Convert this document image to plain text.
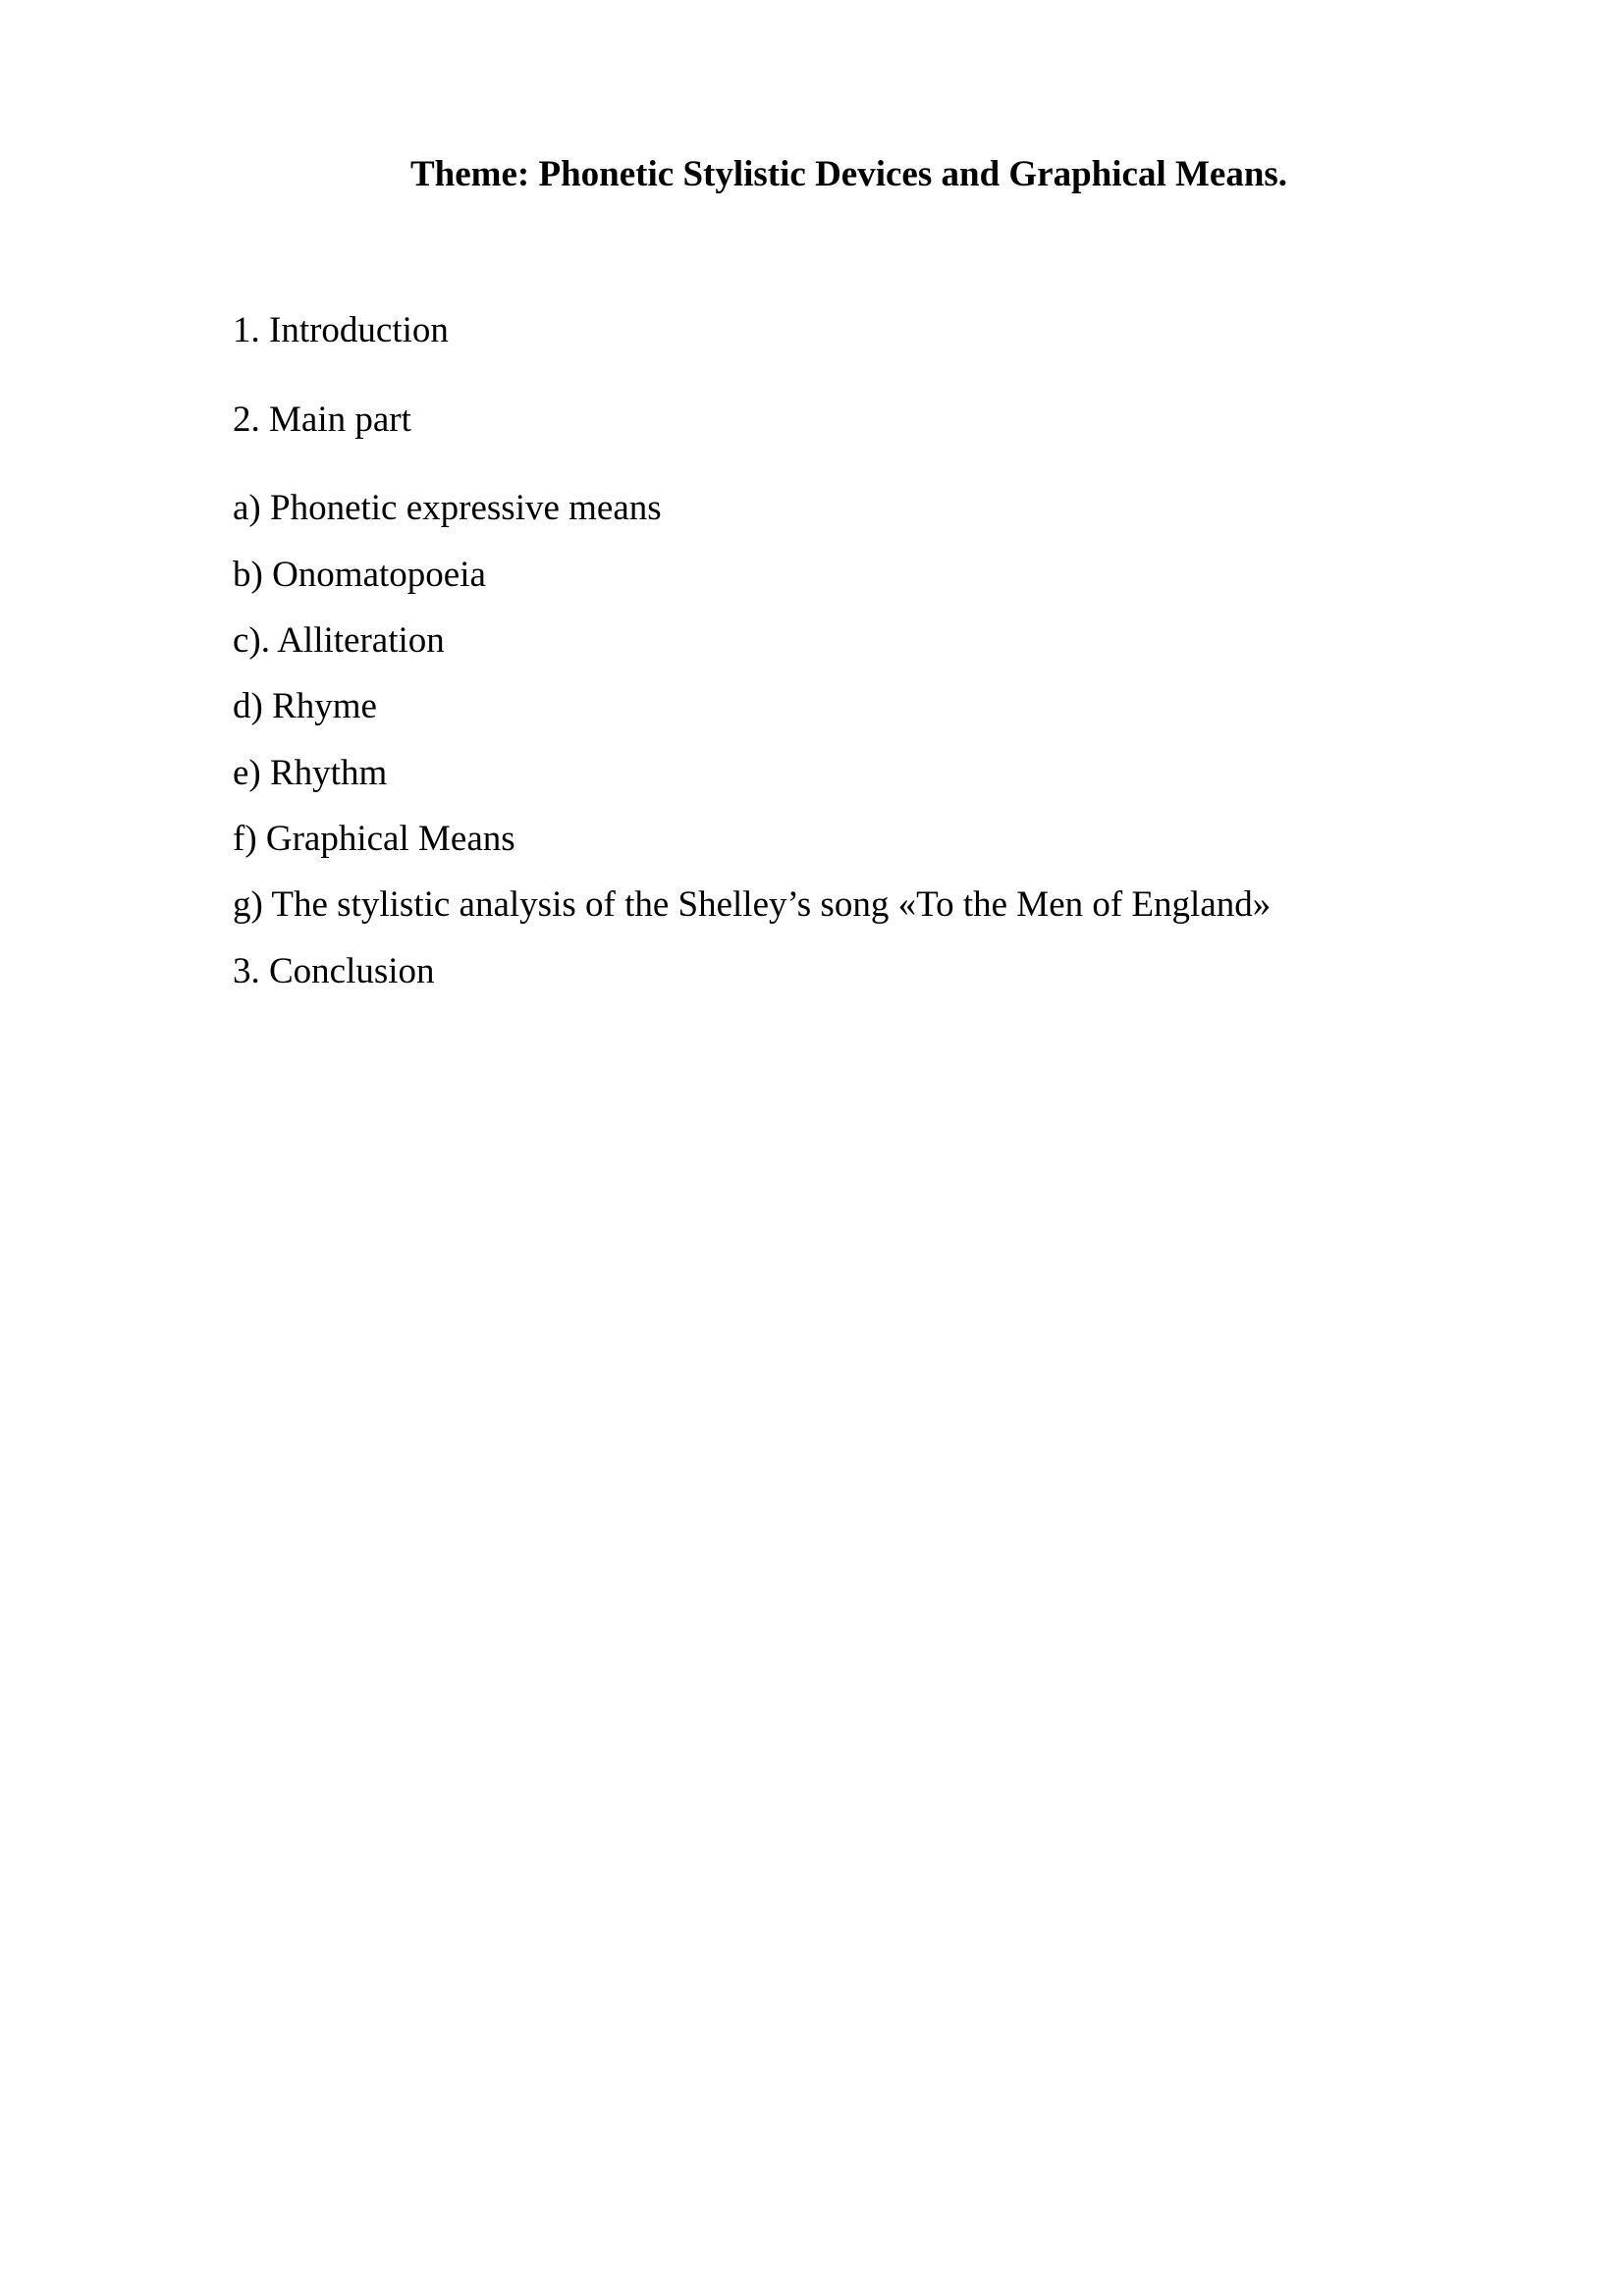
Theme: Phonetic Stylistic Devices and Graphical Means.
1. Introduction
2. Main part
a) Phonetic expressive means
b) Onomatopoeia
c). Alliteration
d) Rhyme
e) Rhythm
f) Graphical Means
g) The stylistic analysis of the Shelley’s song «To the Men of England»
3. Conclusion
